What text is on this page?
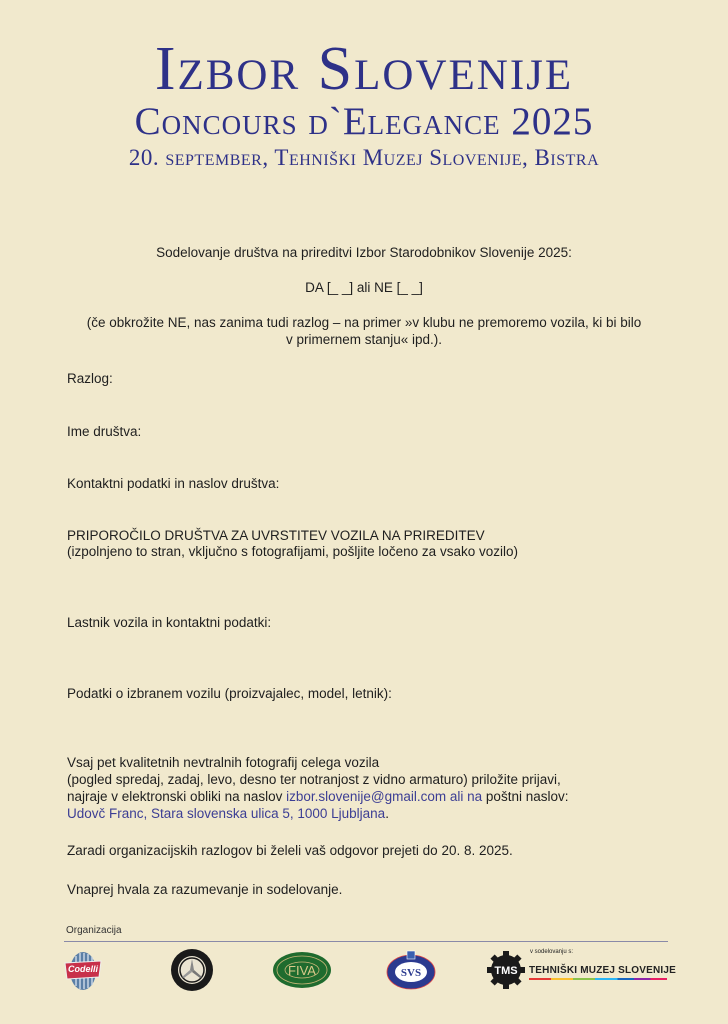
Izbor Slovenije
Concours d`Elegance 2025
20. september, Tehniški Muzej Slovenije, Bistra
Sodelovanje društva na prireditvi Izbor Starodobnikov Slovenije 2025:
DA [_ _] ali NE [_ _]
(če obkrožite NE, nas zanima tudi razlog – na primer »v klubu ne premoremo vozila, ki bi bilo
v primernem stanju« ipd.).
Razlog:
Ime društva:
Kontaktni podatki in naslov društva:
PRIPOROČILO DRUŠTVA ZA UVRSTITEV VOZILA NA PRIREDITEV
(izpolnjeno to stran, vključno s fotografijami, pošljite ločeno za vsako vozilo)
Lastnik vozila in kontaktni podatki:
Podatki o izbranem vozilu (proizvajalec, model, letnik):
Vsaj pet kvalitetnih nevtralnih fotografij celega vozila
(pogled spredaj, zadaj, levo, desno ter notranjost z vidno armaturo) priložite prijavi,
najraje v elektronski obliki na naslov izbor.slovenije@gmail.com ali na poštni naslov:
Udovč Franc, Stara slovenska ulica 5, 1000 Ljubljana.
Zaradi organizacijskih razlogov bi želeli vaš odgovor prejeti do 20. 8. 2025.
Vnaprej hvala za razumevanje in sodelovanje.
Organizacija
Codelli	FIVA	SVS	TMS
v sodelovanju s:
TEHNIŠKI MUZEJ SLOVENIJE
